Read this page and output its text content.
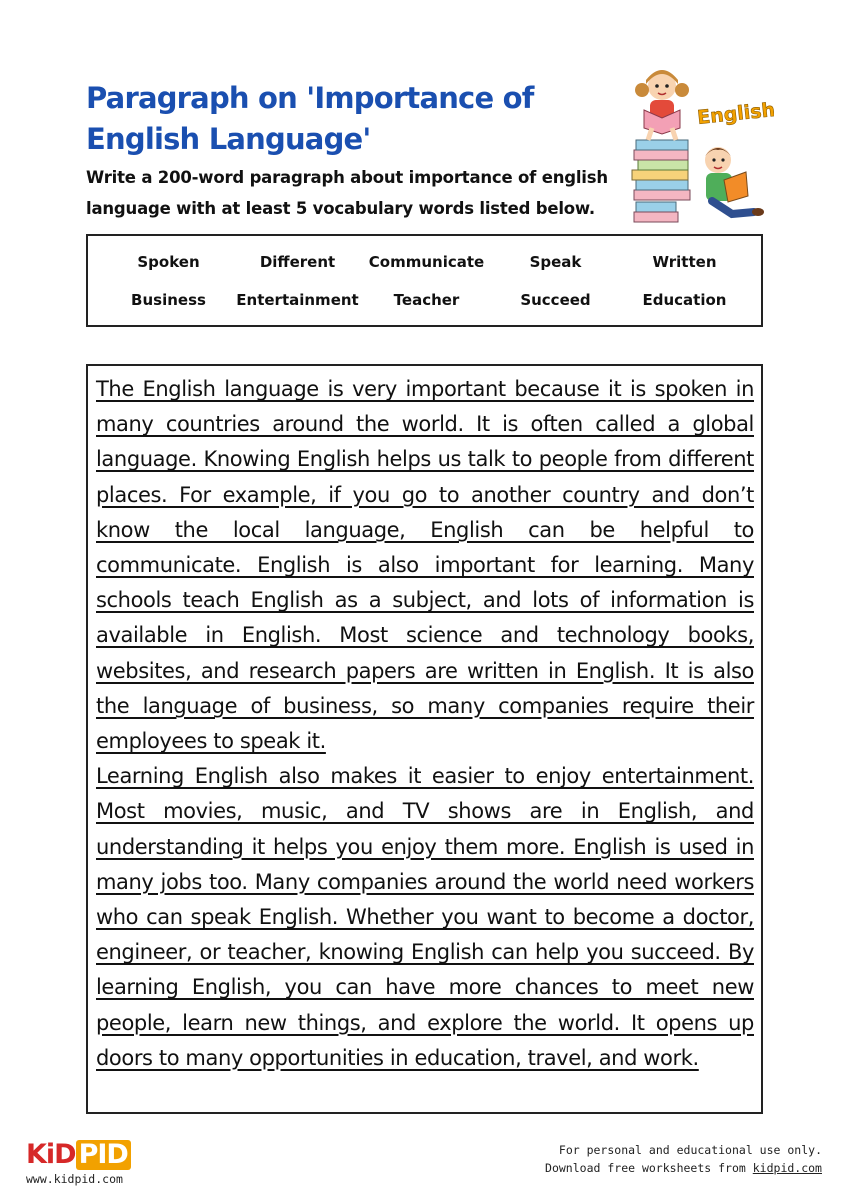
Paragraph on 'Importance of English Language'
Write a 200-word paragraph about importance of english language with at least 5 vocabulary words listed below.
English
Spoken	Different	Communicate	Speak	Written
Business	Entertainment	Teacher	Succeed	Education

The English language is very important because it is spoken in many countries around the world. It is often called a global language. Knowing English helps us talk to people from different places. For example, if you go to another country and don’t know the local language, English can be helpful to communicate. English is also important for learning. Many schools teach English as a subject, and lots of information is available in English. Most science and technology books, websites, and research papers are written in English. It is also the language of business, so many companies require their employees to speak it.

Learning English also makes it easier to enjoy entertainment. Most movies, music, and TV shows are in English, and understanding it helps you enjoy them more. English is used in many jobs too. Many companies around the world need workers who can speak English. Whether you want to become a doctor, engineer, or teacher, knowing English can help you succeed. By learning English, you can have more chances to meet new people, learn new things, and explore the world. It opens up doors to many opportunities in education, travel, and work.

KiD PID
www.kidpid.com
For personal and educational use only.
Download free worksheets from kidpid.com
